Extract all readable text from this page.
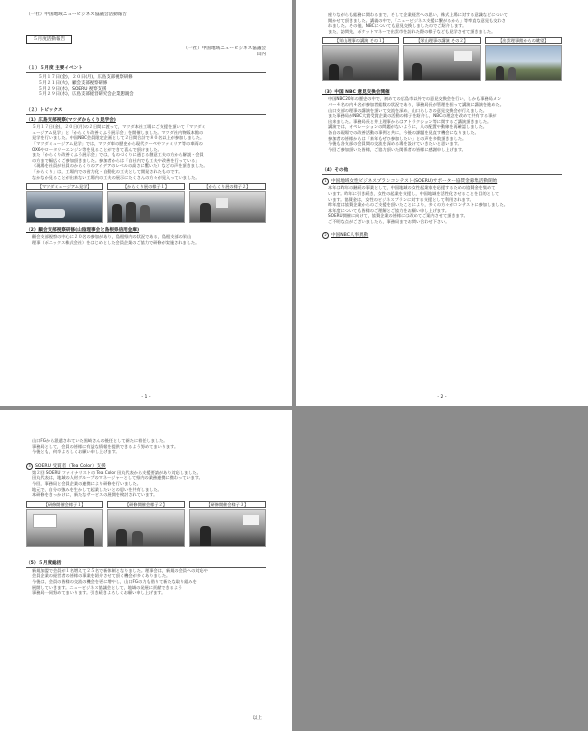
（一社）中国地域ニュービジネス協議会活動報告
５月度活動報告
（一社）中国地域ニュービジネス協議会
山内
（１）５月度 主要イベント
５月１７日(金)，２０日(月)，広島支部視察研修
５月２１日(火)，顧会支部視察研修
５月２９日(水)，SOERU 視察支援
５月２９日(水)，広島支部経営研究会企業懇親会
（２）トピックス
（1）広島支部視察(マツダからくり見学会)
５月１７日(金)，２０日(月)の２日間に渡って，マツダ本社工場にご支援を頂いて「マツダミ
ュージアム見学」と「からくり改善くふう展示会」を開催しました。マツダ社内物販本館の
見学を行いました。中国NBC会員限定企画として２日間合計で８０名以上が参加しました。
「マツダミュージアム見学」では，マツダ車の歴史から現代クーペやファミリア等の車両の
OX6やロータリーエンジン等を見ることができて喜んで頂けました。
また「からくり改善くふう展示会」では，ものづくりに通じる創意工夫の方から解説・会員
の方まで幅広くご参加頂きました。参加者からは「自社内でも工夫や改善を行っている」
（現場を社員が社員のからくりのアイデアのレベルの高さに驚いた）などの声を頂きました。
「からくり」は，工場内での省力化・自動化の工夫として開発されたものです。
なかなか見ることが出来ない工場内の工夫の展示にたくさんの方々が見入っていました。
【マツダミュージアム見学】	【からくり展の様子１】	【からくり展の様子２】
（2）顧会支部視察研修(山陰理事会と島根県信用金庫)
顧会支部視察の中心に２０名の参加があり，島根県内の状況である，島根支部の栄山
理事（ポニックス株式会社）をはじめとした会員企業のご協力で研修が実施されました。
- 1 -
座りながらも総務に関わるまで，そして企業経営への思い，株式上場に対する意識などについて
聞かせて頂きました。講義の中で，「ニュービジネス支援に繋がるから」等率直な意見も交わさ
れました。その他，NBCについても意見交換しましたのでご紹介します。
また，訪問先，ポケットマネーで出雲市を訪れた際の様子なども見学させて頂きました。
【栄山理事の講演 その１】	【栄山理事の講演 その２】	【出雲理事館からの眺望】
（3）中国 NBC 意見交換会開催
中国NBC20年の歴史の中で，初めての広島市以外での意見交換会を行い，しかも事務局メン
バー４名の内４名が参加者総数の状況であり，事務局長が管理を担って講演に講演を進めた。
山口支部の理事の講演を頂いて交流を深め，山口らしさの意見交換会が行えました。
また事務局がNBC大賞受賞企業の活動の様子を紹介し，NBCの理念を改めて共有する事が
出来ました。事務局長と井上理事からはアトラクション等に関するご講演頂きました。
講演では，オペレーションの問題がないように，人の配置や動線を再確認しました。
各自の現場での改善活動の事例と共に，今後の課題を見直す機会になりました。
参加者の皆様からは「来年もぜひ参加したい」との声を多数頂きました。
今後も各支部の会員間の交流を深める場を設けていきたいと思います。
今回ご参加頂いた皆様，ご協力頂いた関係者の皆様に感謝申し上げます。
（4）その他
1 中国地域女性ビジネスプランコンテスト(SOERU)サポーター協賛金募集活動開始
本年は昨年の継続の事業として，中国地域の女性起業家を応援するための協賛金を集めて
います。昨年に引き続き，女性の起業を支援し，中国地域を活性化させることを目的として
います。協賛金は，女性のビジネスプランに対する支援として利用されます。
昨年度は協賛企業からのご支援を頂いたことにより，多くの方々がコンテストに参加しました。
本年度についても皆様のご理解とご協力をお願い申し上げます。
SOERU開催に向けて，協賛企業の皆様には改めてご案内させて頂きます。
ご不明な点がございましたら，事務局までお問い合わせ下さい。
2 中国NBC人事異動
- 2 -
山口FGから派遣されていた黒崎さんの後任として新たに着任しました。
事務局として，会員の皆様に有益な情報を提供できるよう努めてまいります。
今後とも，何卒よろしくお願い申し上げます。
3 SOERU 受賞者（Tea Color）支援
第２回 SOERU ファイナリストの Tea Color 田丸代表から支援要請があり対応しました。
田丸代表は，地域の人材グループのマネージャーとして県内の業務連携に携わっています。
今回，事務局と会員企業の連携により研修を行いました。
地元で，自分の強みを生かして起業したいとの思いを共有しました。
本研修をきっかけに，新たなサービスの展開を検討されています。
【研修開催会様子１】	【研修開催会様子２】	【研修開催会様子３】
（5）５月度総括
新規加盟で会員が１名増えて２５名で新体制となりました。理事会は，新規の会員への対応や
会員企業の経営者の皆様の事業を紹介させて頂く機会が多くありました。
今後は，会員の皆様の交流の機会を更に増やし，山口FGの力も借りて新たな取り組みを
展開していきます。ニュービジネス協議会として，地域の発展に貢献できるよう
事務局一同努めてまいります。引き続きよろしくお願い申し上げます。
以上
